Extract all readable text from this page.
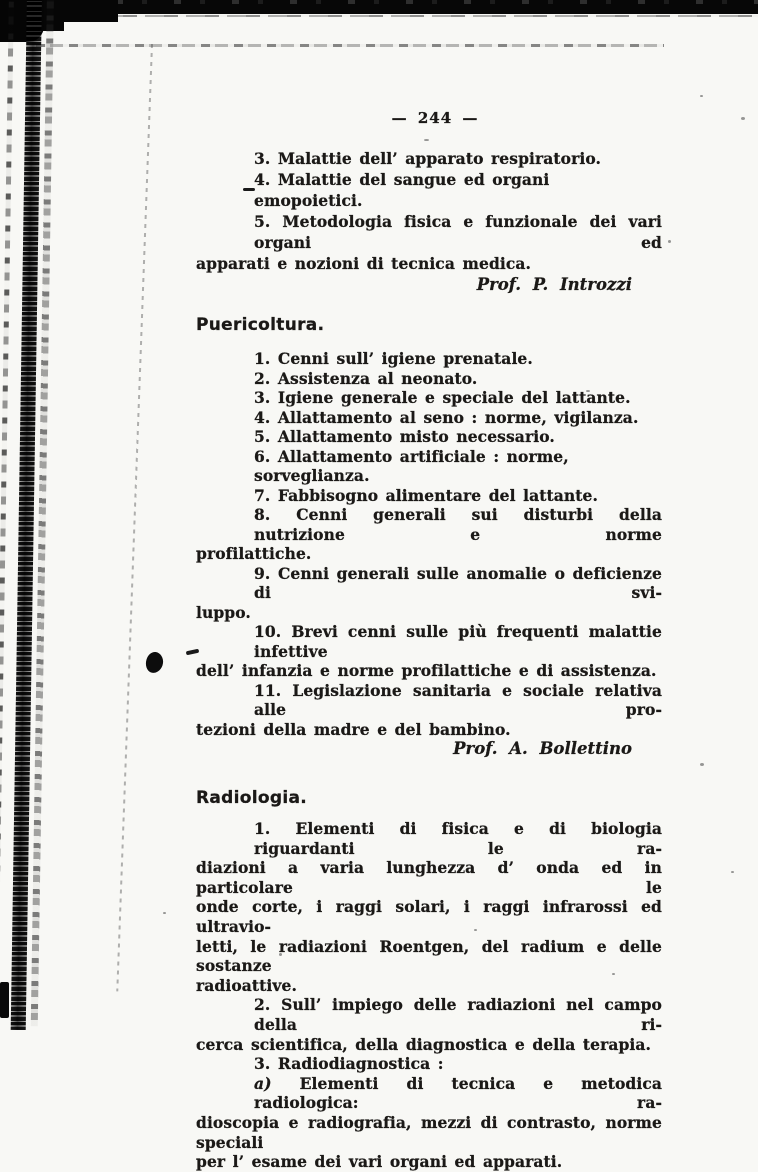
— 244 —
3. Malattie dell’ apparato respiratorio.
4. Malattie del sangue ed organi emopoietici.
5. Metodologia fisica e funzionale dei vari organi ed
apparati e nozioni di tecnica medica.
Prof. P. Introzzi
Puericoltura.
1. Cenni sull’ igiene prenatale.
2. Assistenza al neonato.
3. Igiene generale e speciale del lattante.
4. Allattamento al seno : norme, vigilanza.
5. Allattamento misto necessario.
6. Allattamento artificiale : norme, sorveglianza.
7. Fabbisogno alimentare del lattante.
8. Cenni generali sui disturbi della nutrizione e norme
profilattiche.
9. Cenni generali sulle anomalie o deficienze di svi-
luppo.
10. Brevi cenni sulle più frequenti malattie infettive
dell’ infanzia e norme profilattiche e di assistenza.
11. Legislazione sanitaria e sociale relativa alle pro-
tezioni della madre e del bambino.
Prof. A. Bollettino
Radiologia.
1. Elementi di fisica e di biologia riguardanti le ra-
diazioni a varia lunghezza d’ onda ed in particolare le
onde corte, i raggi solari, i raggi infrarossi ed ultravio-
letti, le radiazioni Roentgen, del radium e delle sostanze
radioattive.
2. Sull’ impiego delle radiazioni nel campo della ri-
cerca scientifica, della diagnostica e della terapia.
3. Radiodiagnostica :
a) Elementi di tecnica e metodica radiologica: ra-
dioscopia e radiografia, mezzi di contrasto, norme speciali
per l’ esame dei vari organi ed apparati.
